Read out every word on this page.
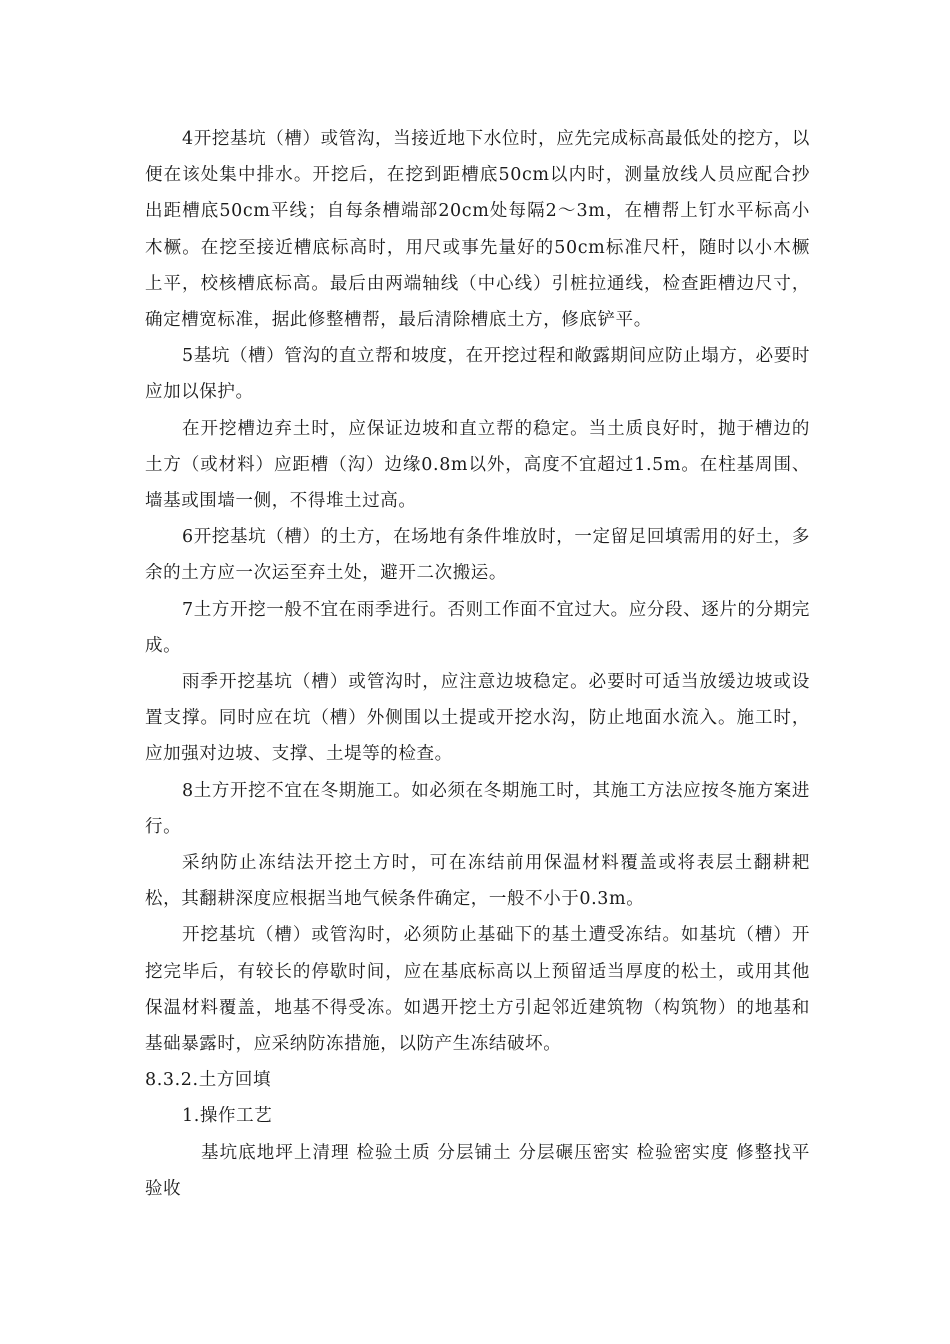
4开挖基坑（槽）或管沟，当接近地下水位时，应先完成标高最低处的挖方，以便在该处集中排水。开挖后，在挖到距槽底50cm以内时，测量放线人员应配合抄出距槽底50cm平线；自每条槽端部20cm处每隔2～3m，在槽帮上钉水平标高小木橛。在挖至接近槽底标高时，用尺或事先量好的50cm标准尺杆，随时以小木橛上平，校核槽底标高。最后由两端轴线（中心线）引桩拉通线，检查距槽边尺寸，确定槽宽标准，据此修整槽帮，最后清除槽底土方，修底铲平。

5基坑（槽）管沟的直立帮和坡度，在开挖过程和敞露期间应防止塌方，必要时应加以保护。

在开挖槽边弃土时，应保证边坡和直立帮的稳定。当土质良好时，抛于槽边的土方（或材料）应距槽（沟）边缘0.8m以外，高度不宜超过1.5m。在柱基周围、墙基或围墙一侧，不得堆土过高。

6开挖基坑（槽）的土方，在场地有条件堆放时，一定留足回填需用的好土，多余的土方应一次运至弃土处，避开二次搬运。

7土方开挖一般不宜在雨季进行。否则工作面不宜过大。应分段、逐片的分期完成。

雨季开挖基坑（槽）或管沟时，应注意边坡稳定。必要时可适当放缓边坡或设置支撑。同时应在坑（槽）外侧围以土提或开挖水沟，防止地面水流入。施工时，应加强对边坡、支撑、土堤等的检查。

8土方开挖不宜在冬期施工。如必须在冬期施工时，其施工方法应按冬施方案进行。

采纳防止冻结法开挖土方时，可在冻结前用保温材料覆盖或将表层土翻耕耙松，其翻耕深度应根据当地气候条件确定，一般不小于0.3m。

开挖基坑（槽）或管沟时，必须防止基础下的基土遭受冻结。如基坑（槽）开挖完毕后，有较长的停歇时间，应在基底标高以上预留适当厚度的松土，或用其他保温材料覆盖，地基不得受冻。如遇开挖土方引起邻近建筑物（构筑物）的地基和基础暴露时，应采纳防冻措施，以防产生冻结破坏。

8.3.2.土方回填

1.操作工艺

基坑底地坪上清理 检验土质 分层铺土 分层碾压密实 检验密实度 修整找平验收
